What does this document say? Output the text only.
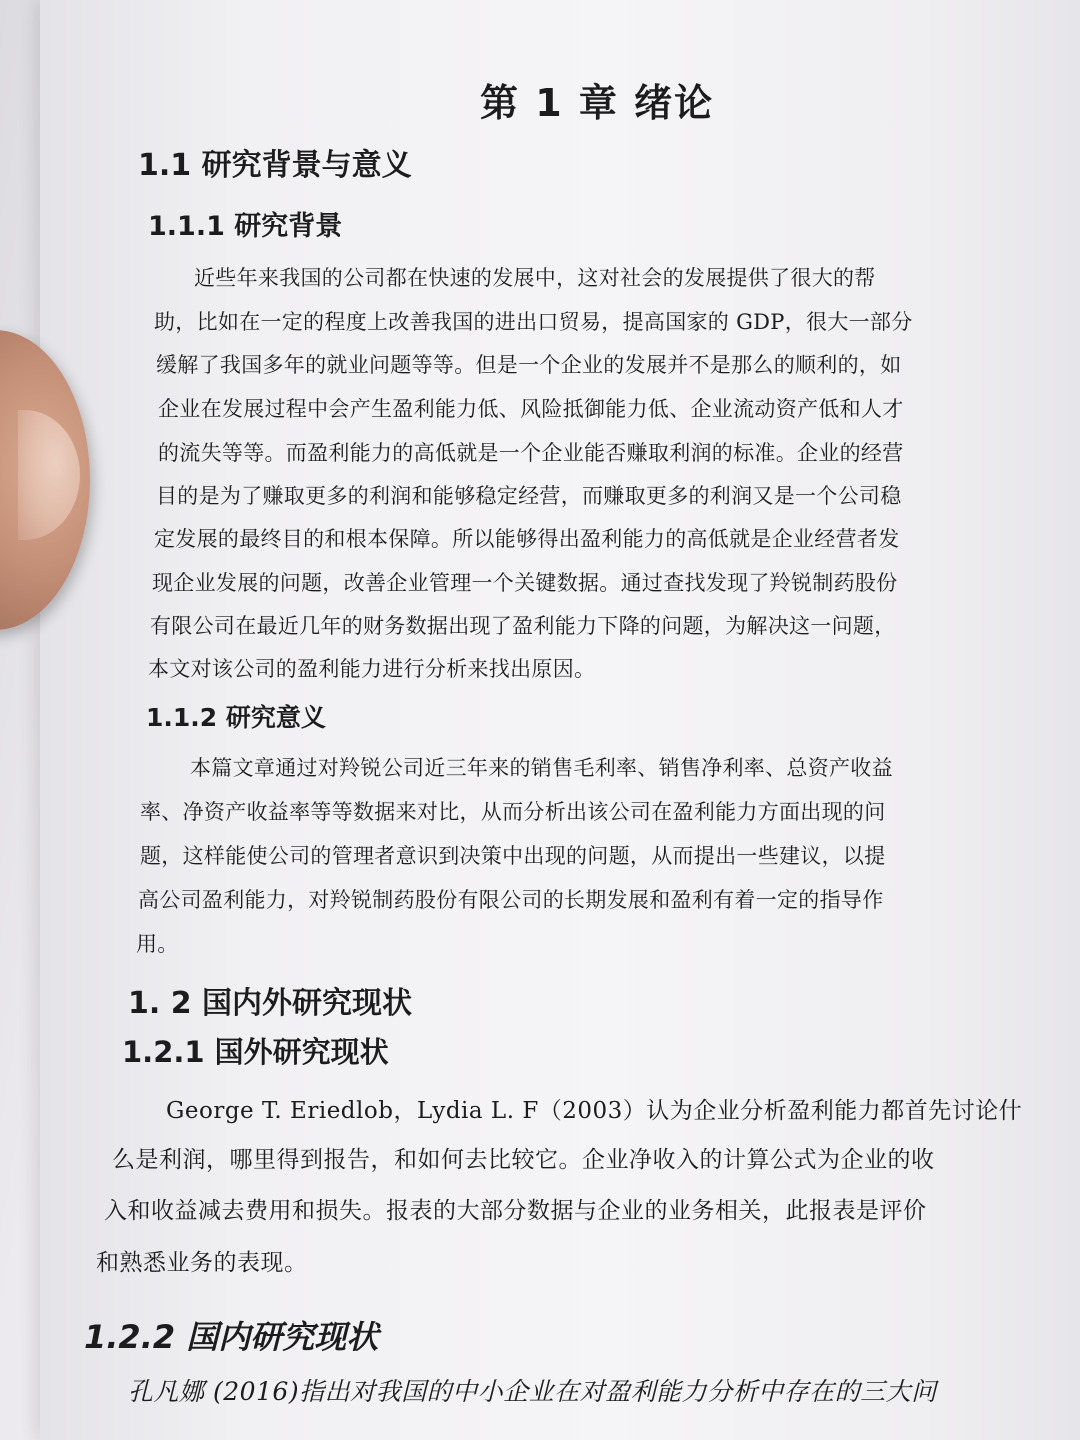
第 1 章 绪论
1.1 研究背景与意义
1.1.1 研究背景

近些年来我国的公司都在快速的发展中，这对社会的发展提供了很大的帮

助，比如在一定的程度上改善我国的进出口贸易，提高国家的 GDP，很大一部分

缓解了我国多年的就业问题等等。但是一个企业的发展并不是那么的顺利的，如

企业在发展过程中会产生盈利能力低、风险抵御能力低、企业流动资产低和人才

的流失等等。而盈利能力的高低就是一个企业能否赚取利润的标准。企业的经营

目的是为了赚取更多的利润和能够稳定经营，而赚取更多的利润又是一个公司稳

定发展的最终目的和根本保障。所以能够得出盈利能力的高低就是企业经营者发

现企业发展的问题，改善企业管理一个关键数据。通过查找发现了羚锐制药股份

有限公司在最近几年的财务数据出现了盈利能力下降的问题，为解决这一问题，

本文对该公司的盈利能力进行分析来找出原因。

1.1.2 研究意义

本篇文章通过对羚锐公司近三年来的销售毛利率、销售净利率、总资产收益

率、净资产收益率等等数据来对比，从而分析出该公司在盈利能力方面出现的问

题，这样能使公司的管理者意识到决策中出现的问题，从而提出一些建议，以提

高公司盈利能力，对羚锐制药股份有限公司的长期发展和盈利有着一定的指导作

用。

1. 2 国内外研究现状
1.2.1 国外研究现状

George T. Eriedlob，Lydia L. F（2003）认为企业分析盈利能力都首先讨论什

么是利润，哪里得到报告，和如何去比较它。企业净收入的计算公式为企业的收

入和收益减去费用和损失。报表的大部分数据与企业的业务相关，此报表是评价

和熟悉业务的表现。

1.2.2 国内研究现状

孔凡娜 (2016)指出对我国的中小企业在对盈利能力分析中存在的三大问
